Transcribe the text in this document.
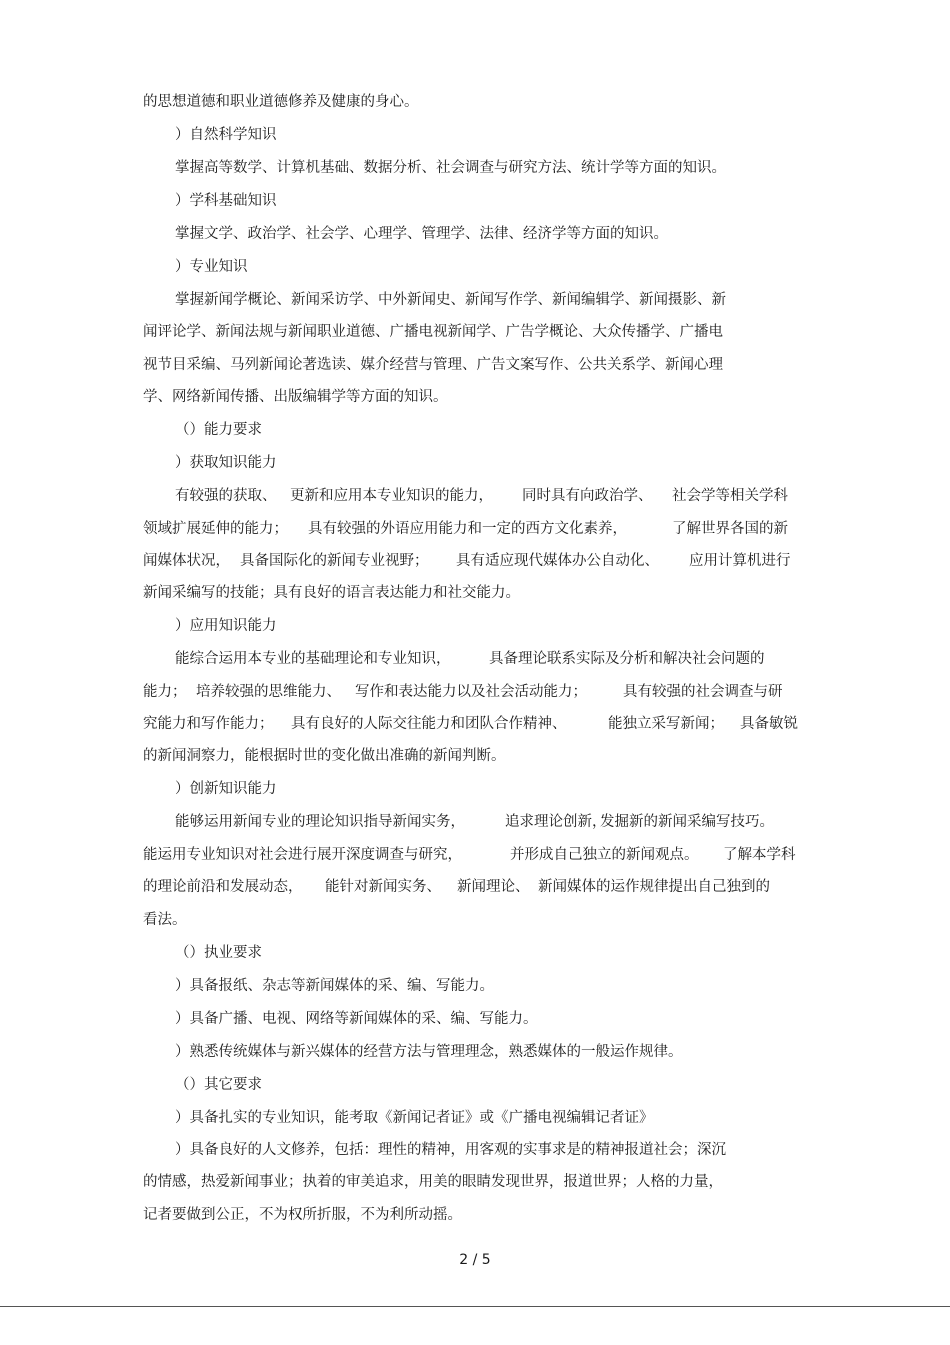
的思想道德和职业道德修养及健康的身心。
）自然科学知识
掌握高等数学、计算机基础、数据分析、社会调查与研究方法、统计学等方面的知识。
）学科基础知识
掌握文学、政治学、社会学、心理学、管理学、法律、经济学等方面的知识。
）专业知识
掌握新闻学概论、新闻采访学、中外新闻史、新闻写作学、新闻编辑学、新闻摄影、新
闻评论学、新闻法规与新闻职业道德、广播电视新闻学、广告学概论、大众传播学、广播电
视节目采编、马列新闻论著选读、媒介经营与管理、广告文案写作、公共关系学、新闻心理
学、网络新闻传播、出版编辑学等方面的知识。
（）能力要求
）获取知识能力
有较强的获取、 更新和应用本专业知识的能力， 同时具有向政治学、 社会学等相关学科
领域扩展延伸的能力； 具有较强的外语应用能力和一定的西方文化素养，	了解世界各国的新
闻媒体状况， 具备国际化的新闻专业视野； 具有适应现代媒体办公自动化、 应用计算机进行
新闻采编写的技能；具有良好的语言表达能力和社交能力。
）应用知识能力
能综合运用本专业的基础理论和专业知识，	具备理论联系实际及分析和解决社会问题的
能力； 培养较强的思维能力、 写作和表达能力以及社会活动能力； 具有较强的社会调查与研
究能力和写作能力； 具有良好的人际交往能力和团队合作精神、	能独立采写新闻； 具备敏锐
的新闻洞察力，能根据时世的变化做出准确的新闻判断。
）创新知识能力
能够运用新闻专业的理论知识指导新闻实务，	追求理论创新，
发掘新的新闻采编写技巧。
能运用专业知识对社会进行展开深度调查与研究，	并形成自己独立的新闻观点。 了解本学科
的理论前沿和发展动态， 能针对新闻实务、 新闻理论、 新闻媒体的运作规律提出自己独到的
看法。
（）执业要求
）具备报纸、杂志等新闻媒体的采、编、写能力。
）具备广播、电视、网络等新闻媒体的采、编、写能力。
）熟悉传统媒体与新兴媒体的经营方法与管理理念，熟悉媒体的一般运作规律。
（）其它要求
）具备扎实的专业知识，能考取《新闻记者证》或《广播电视编辑记者证》
）具备良好的人文修养，包括：理性的精神，用客观的实事求是的精神报道社会；深沉
的情感，热爱新闻事业；执着的审美追求，用美的眼睛发现世界，报道世界；人格的力量，
记者要做到公正，不为权所折服，不为利所动摇。
2 / 5
